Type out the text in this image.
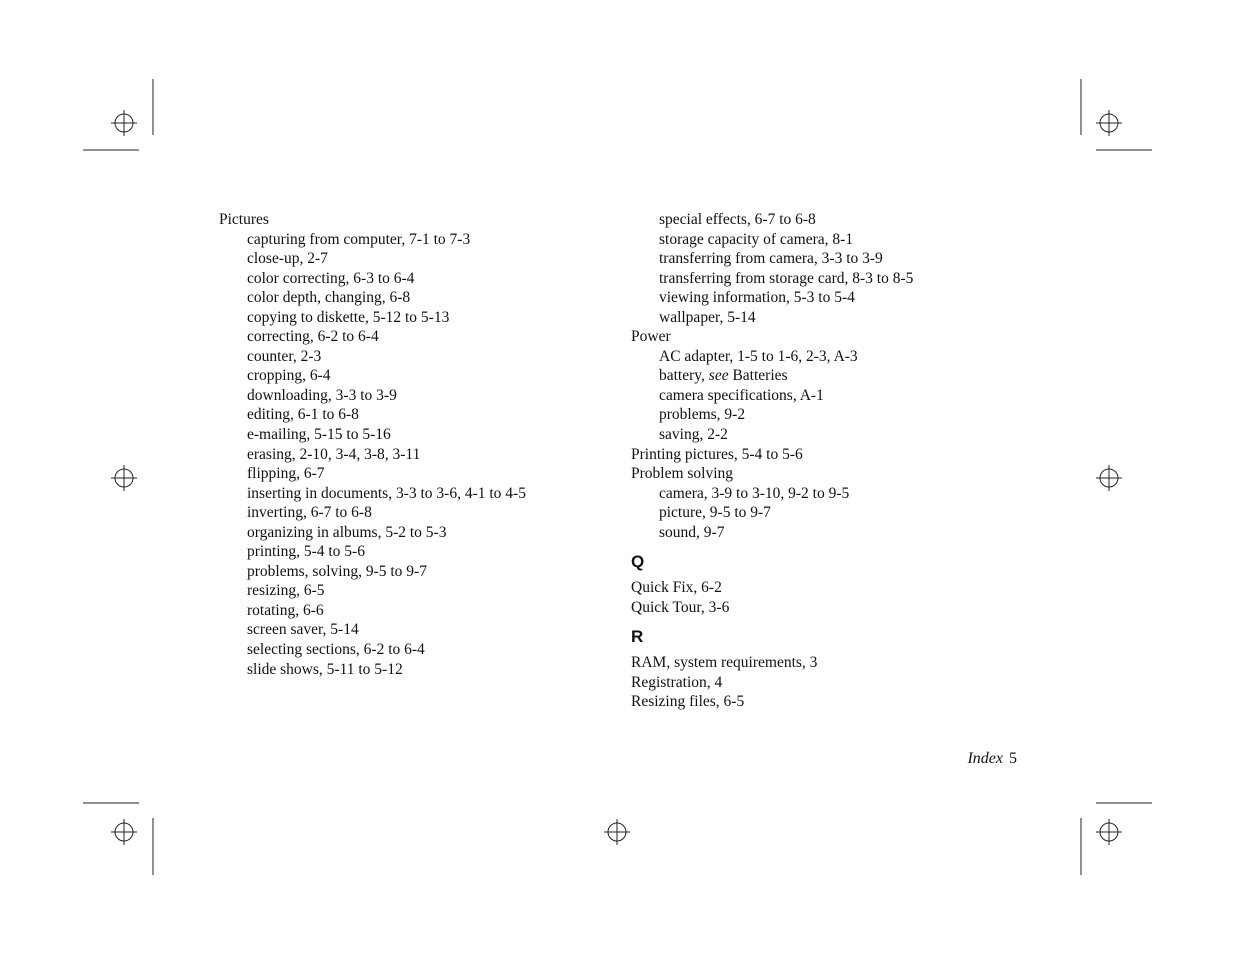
Pictures
capturing from computer, 7-1 to 7-3
close-up, 2-7
color correcting, 6-3 to 6-4
color depth, changing, 6-8
copying to diskette, 5-12 to 5-13
correcting, 6-2 to 6-4
counter, 2-3
cropping, 6-4
downloading, 3-3 to 3-9
editing, 6-1 to 6-8
e-mailing, 5-15 to 5-16
erasing, 2-10, 3-4, 3-8, 3-11
flipping, 6-7
inserting in documents, 3-3 to 3-6, 4-1 to 4-5
inverting, 6-7 to 6-8
organizing in albums, 5-2 to 5-3
printing, 5-4 to 5-6
problems, solving, 9-5 to 9-7
resizing, 6-5
rotating, 6-6
screen saver, 5-14
selecting sections, 6-2 to 6-4
slide shows, 5-11 to 5-12
special effects, 6-7 to 6-8
storage capacity of camera, 8-1
transferring from camera, 3-3 to 3-9
transferring from storage card, 8-3 to 8-5
viewing information, 5-3 to 5-4
wallpaper, 5-14
Power
AC adapter, 1-5 to 1-6, 2-3, A-3
battery, see Batteries
camera specifications, A-1
problems, 9-2
saving, 2-2
Printing pictures, 5-4 to 5-6
Problem solving
camera, 3-9 to 3-10, 9-2 to 9-5
picture, 9-5 to 9-7
sound, 9-7
Q
Quick Fix, 6-2
Quick Tour, 3-6
R
RAM, system requirements, 3
Registration, 4
Resizing files, 6-5
Index 5
